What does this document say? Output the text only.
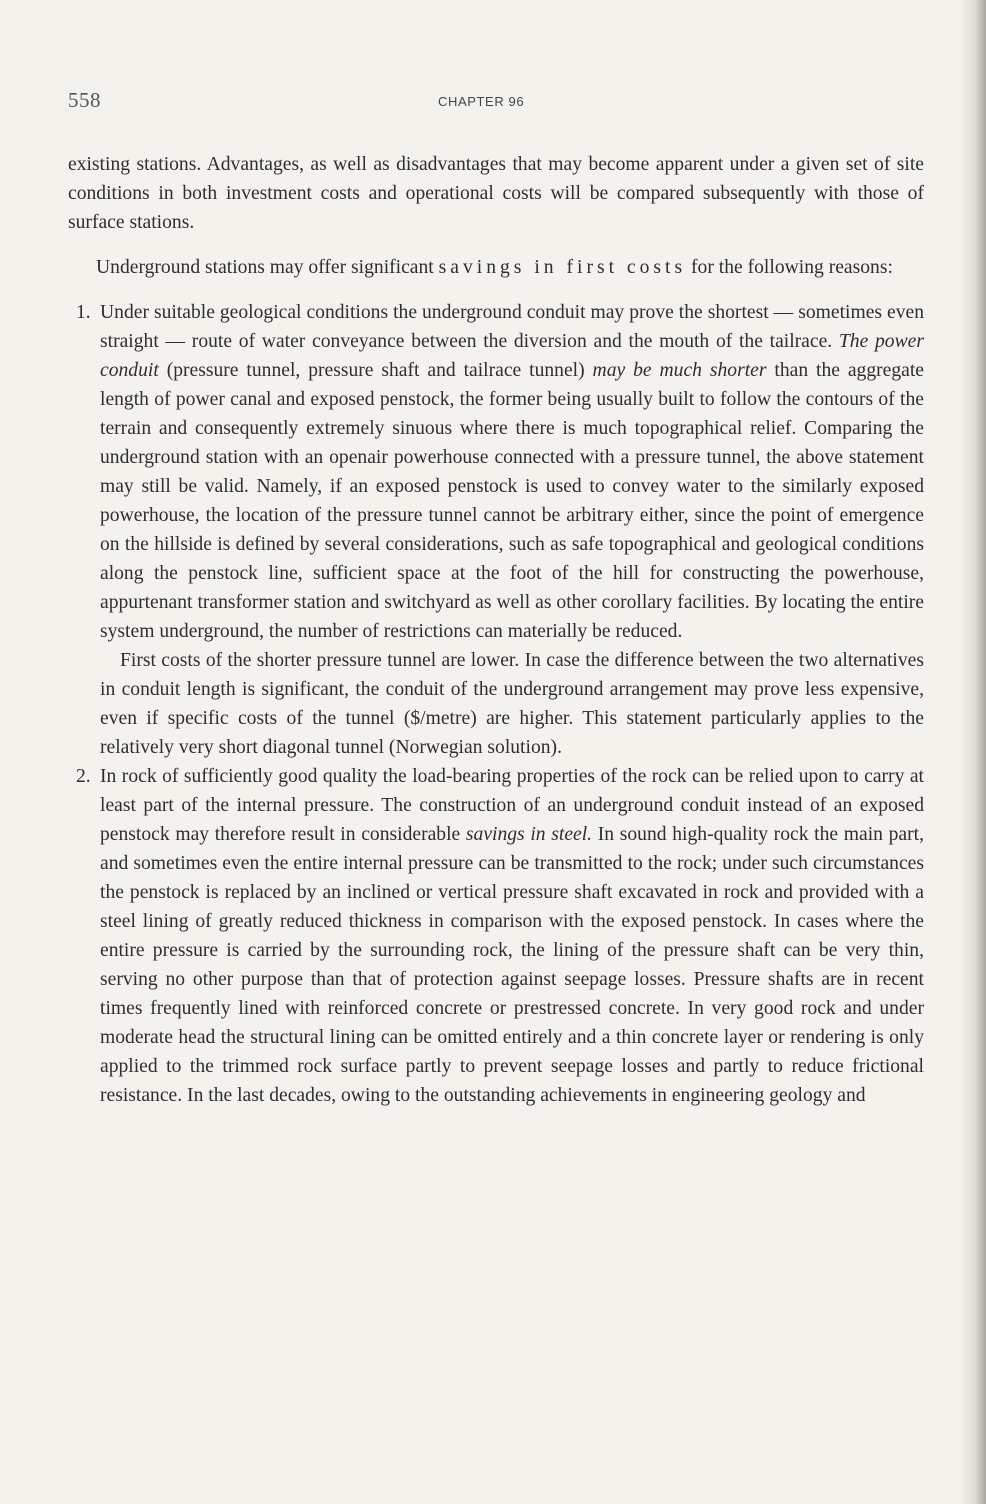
558	CHAPTER 96

existing stations. Advantages, as well as disadvantages that may become apparent under a given set of site conditions in both investment costs and operational costs will be compared subsequently with those of surface stations.

Underground stations may offer significant savings in first costs for the following reasons:

1. Under suitable geological conditions the underground conduit may prove the shortest — sometimes even straight — route of water conveyance between the diversion and the mouth of the tailrace. The power conduit (pressure tunnel, pressure shaft and tailrace tunnel) may be much shorter than the aggregate length of power canal and exposed penstock, the former being usually built to follow the contours of the terrain and consequently extremely sinuous where there is much topographical relief. Comparing the underground station with an openair powerhouse connected with a pressure tunnel, the above statement may still be valid. Namely, if an exposed penstock is used to convey water to the similarly exposed powerhouse, the location of the pressure tunnel cannot be arbitrary either, since the point of emergence on the hillside is defined by several considerations, such as safe topographical and geological conditions along the penstock line, sufficient space at the foot of the hill for constructing the powerhouse, appurtenant transformer station and switchyard as well as other corollary facilities. By locating the entire system underground, the number of restrictions can materially be reduced.

First costs of the shorter pressure tunnel are lower. In case the difference between the two alternatives in conduit length is significant, the conduit of the underground arrangement may prove less expensive, even if specific costs of the tunnel ($/metre) are higher. This statement particularly applies to the relatively very short diagonal tunnel (Norwegian solution).

2. In rock of sufficiently good quality the load-bearing properties of the rock can be relied upon to carry at least part of the internal pressure. The construction of an underground conduit instead of an exposed penstock may therefore result in considerable savings in steel. In sound high-quality rock the main part, and sometimes even the entire internal pressure can be transmitted to the rock; under such circumstances the penstock is replaced by an inclined or vertical pressure shaft excavated in rock and provided with a steel lining of greatly reduced thickness in comparison with the exposed penstock. In cases where the entire pressure is carried by the surrounding rock, the lining of the pressure shaft can be very thin, serving no other purpose than that of protection against seepage losses. Pressure shafts are in recent times frequently lined with reinforced concrete or prestressed concrete. In very good rock and under moderate head the structural lining can be omitted entirely and a thin concrete layer or rendering is only applied to the trimmed rock surface partly to prevent seepage losses and partly to reduce frictional resistance. In the last decades, owing to the outstanding achievements in engineering geology and
